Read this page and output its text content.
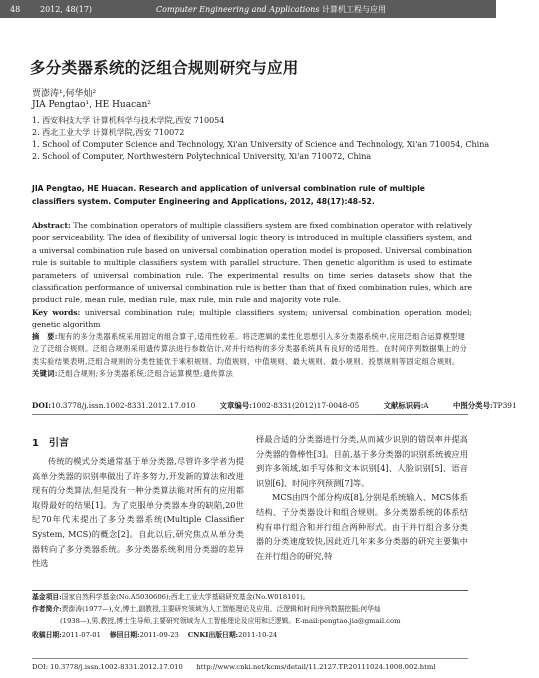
48	2012, 48(17)	Computer Engineering and Applications 计算机工程与应用
多分类器系统的泛组合规则研究与应用
贾澎涛¹,何华灿²
JIA Pengtao¹, HE Huacan²
1. 西安科技大学 计算机科学与技术学院,西安 710054
2. 西北工业大学 计算机学院,西安 710072
1. School of Computer Science and Technology, Xi'an University of Science and Technology, Xi'an 710054, China
2. School of Computer, Northwestern Polytechnical University, Xi'an 710072, China
JIA Pengtao, HE Huacan. Research and application of universal combination rule of multiple classifiers system. Computer Engineering and Applications, 2012, 48(17):48-52.
Abstract: The combination operators of multiple classifiers system are fixed combination operator with relatively poor serviceability. The idea of flexibility of universal logic theory is introduced in multiple classifiers system, and a universal combination rule based on universal combination operation model is proposed. Universal combination rule is suitable to multiple classifiers system with parallel structure. Then genetic algorithm is used to estimate parameters of universal combination rule. The experimental results on time series datasets show that the classification performance of universal combination rule is better than that of fixed combination rules, which are product rule, mean rule, median rule, max rule, min rule and majority vote rule.
Key words: universal combination rule; multiple classifiers system; universal combination operation model; genetic algorithm
摘　要:现有的多分类器系统采用固定的组合算子,适用性较差。将泛逻辑的柔性化思想引入多分类器系统中,应用泛组合运算模型建立了泛组合规则。泛组合规则采用遗传算法进行参数估计,对并行结构的多分类器系统具有良好的适用性。在时间序列数据集上的分类实验结果表明,泛组合规则的分类性能优于乘积规则、均值规则、中值规则、最大规则、最小规则、投票规则等固定组合规则。
关键词:泛组合规则;多分类器系统;泛组合运算模型;遗传算法
DOI:10.3778/j.issn.1002-8331.2012.17.010	文章编号:1002-8331(2012)17-0048-05	文献标识码:A	中图分类号:TP391
1　引言
传统的模式分类通常基于单分类器,尽管许多学者为提高单分类器的识别率做出了许多努力,开发新的算法和改进现有的分类算法,但是没有一种分类算法能对所有的应用都取得最好的结果[1]。为了克服单分类器本身的缺陷,20世纪70年代末提出了多分类器系统(Multiple Classifier System, MCS)的概念[2]。自此以后,研究焦点从单分类器转向了多分类器系统。多分类器系统利用分类器的差异性选

择最合适的分类器进行分类,从而减少识别的错误率并提高分类器的鲁棒性[3]。目前,基于多分类器的识别系统被应用到许多领域,如手写体和文本识别[4]、人脸识别[5]、语音识别[6]、时间序列预测[7]等。

MCS由四个部分构成[8],分别是系统输入、MCS体系结构、子分类器设计和组合规则。多分类器系统的体系结构有串行组合和并行组合两种形式。由于并行组合多分类器的分类速度较快,因此近几年来多分类器的研究主要集中在并行组合的研究,特

基金项目:国家自然科学基金(No.A5030606);西北工业大学基础研究基金(No.W018101)。
作者简介:贾澎涛(1977—),女,博士,副教授,主要研究领域为人工智能理论及应用、泛逻辑和时间序列数据挖掘;何华灿
(1938—),男,教授,博士生导师,主要研究领域为人工智能理论及应用和泛逻辑。E-mail:pengtao.jia@gmail.com
收稿日期:2011-07-01　 修回日期:2011-09-23　 CNKI出版日期:2011-10-24
DOI: 10.3778/j.issn.1002-8331.2012.17.010　　http://www.cnki.net/kcms/detail/11.2127.TP.20111024.1008.002.html
